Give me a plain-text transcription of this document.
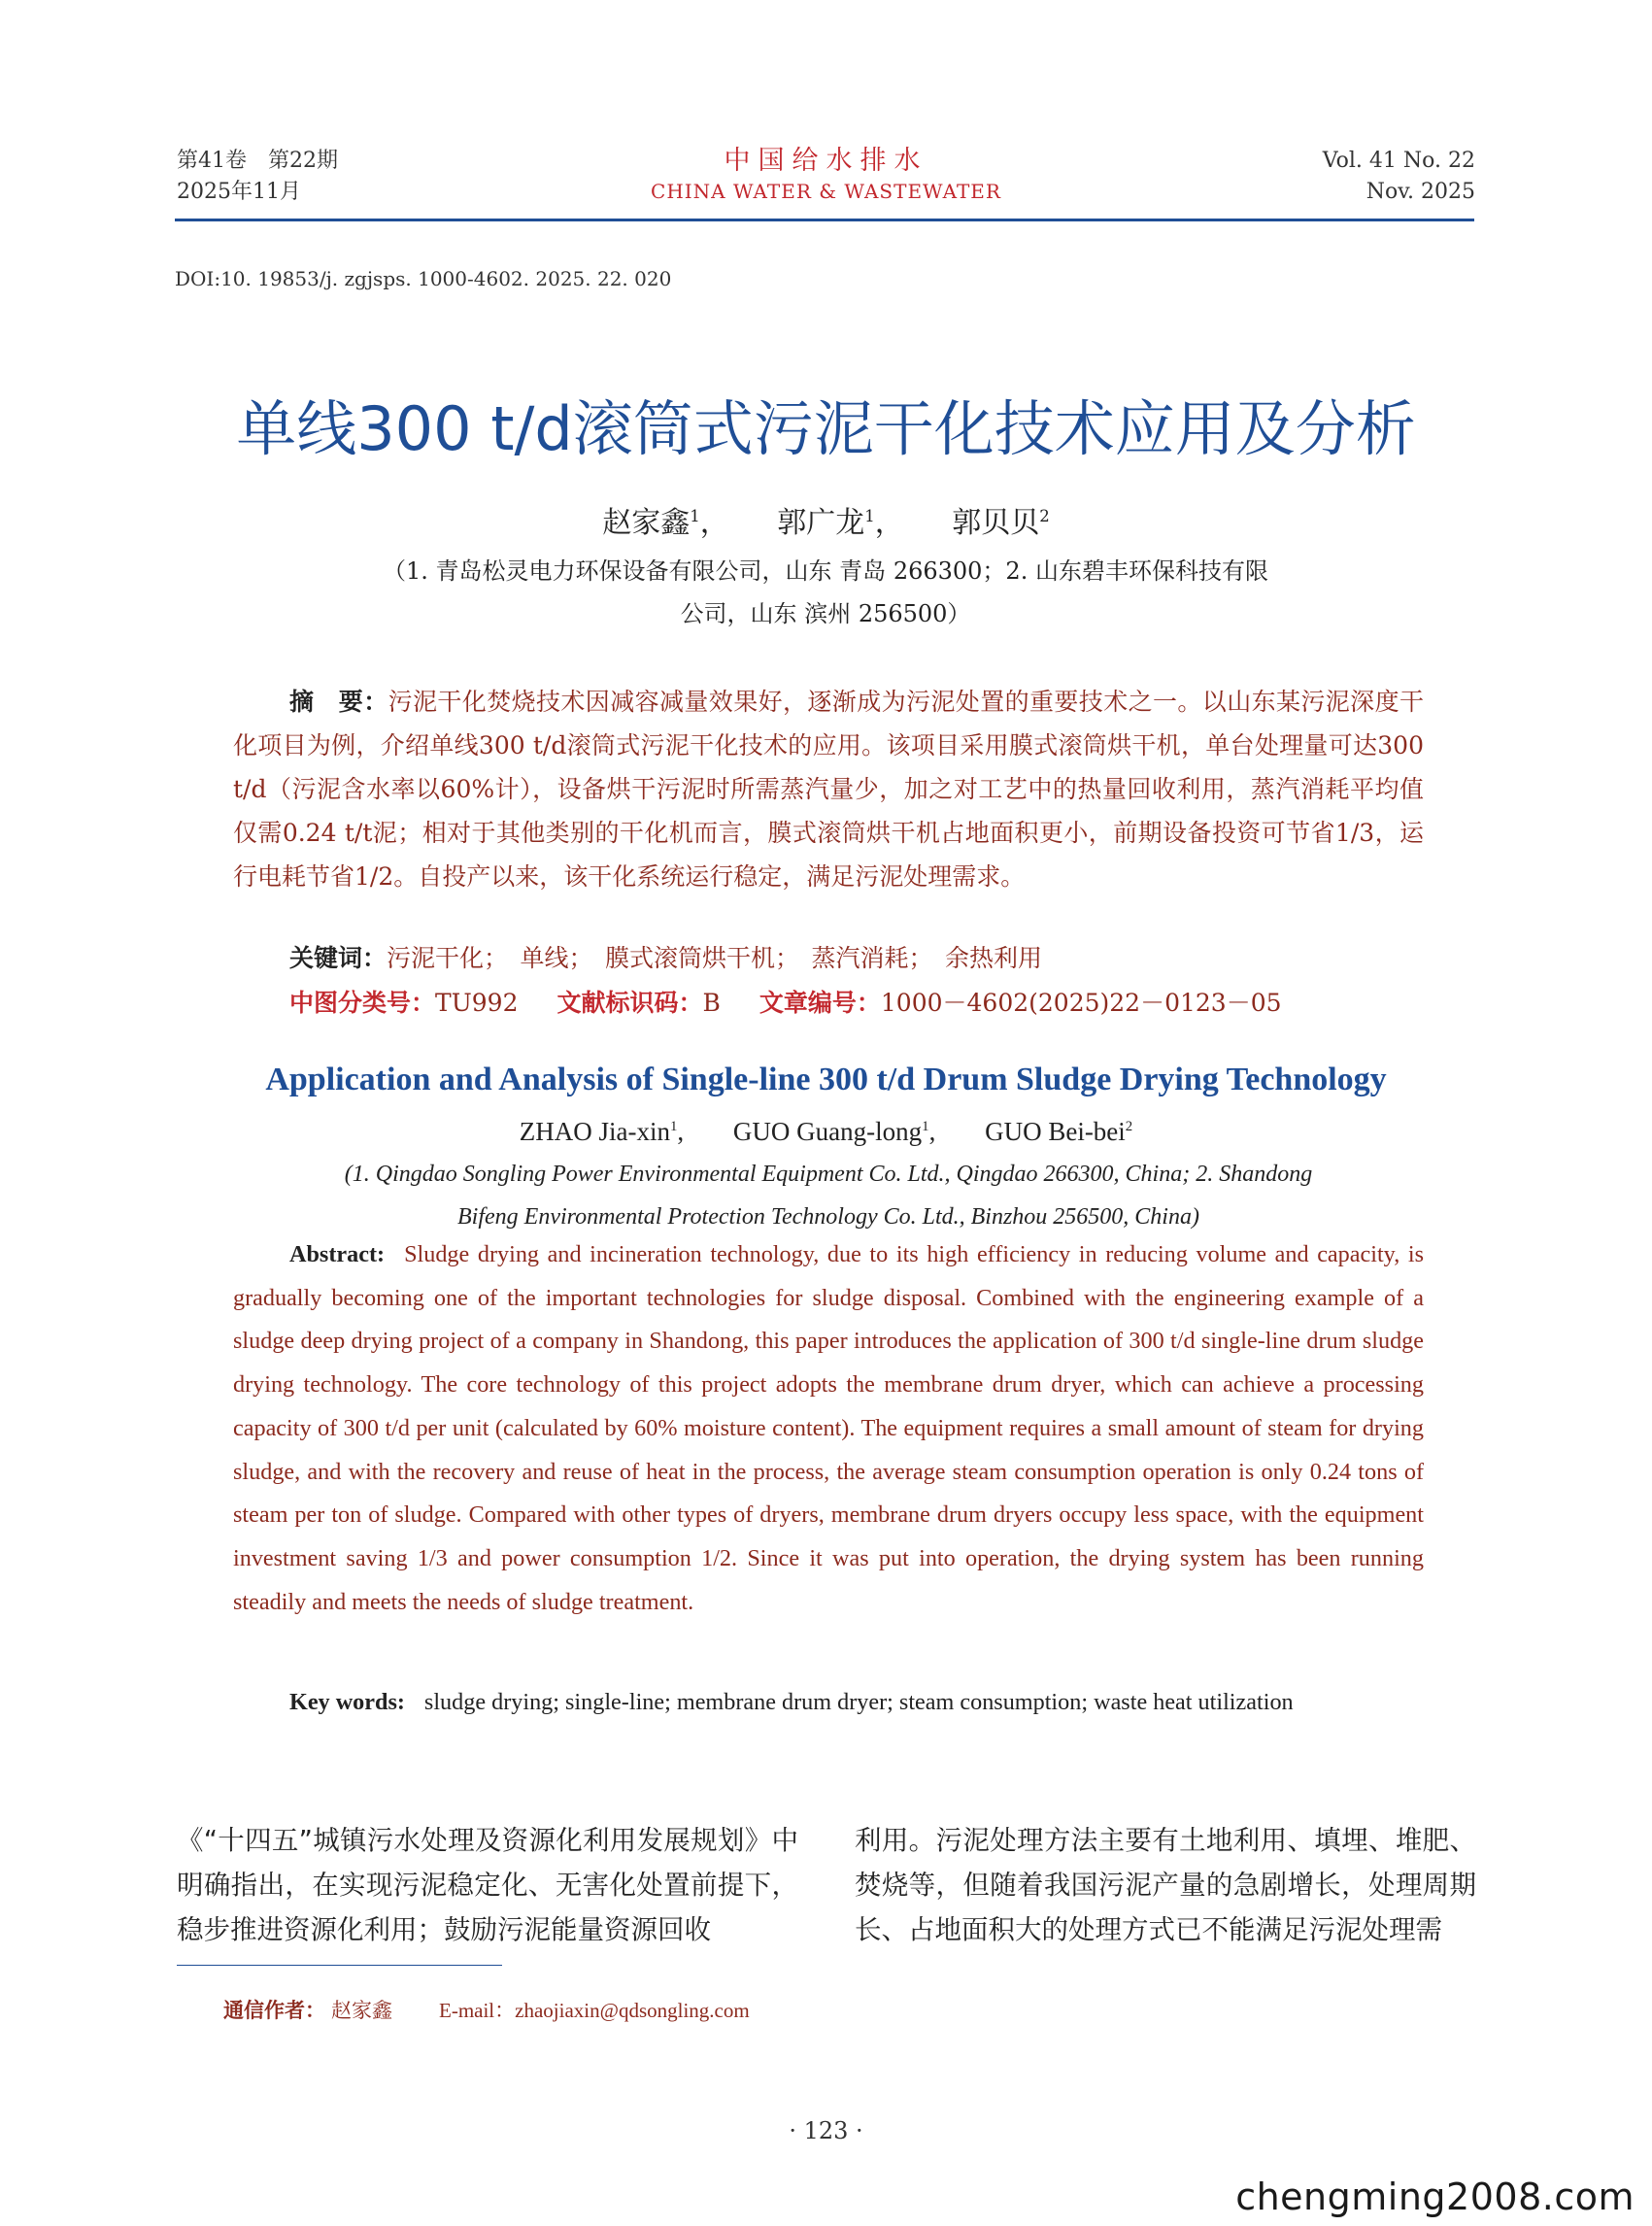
第41卷　第22期
2025年11月
中国给水排水
CHINA WATER & WASTEWATER
Vol. 41 No. 22
Nov. 2025
DOI:10. 19853/j. zgjsps. 1000-4602. 2025. 22. 020
单线300 t/d滚筒式污泥干化技术应用及分析
赵家鑫$^1$， 郭广龙$^1$， 郭贝贝$^2$
（1. 青岛松灵电力环保设备有限公司，山东 青岛 266300；2. 山东碧丰环保科技有限
公司，山东 滨州 256500）
摘　要：污泥干化焚烧技术因减容减量效果好，逐渐成为污泥处置的重要技术之一。以山东某污泥深度干化项目为例，介绍单线300 t/d滚筒式污泥干化技术的应用。该项目采用膜式滚筒烘干机，单台处理量可达300 t/d（污泥含水率以60%计），设备烘干污泥时所需蒸汽量少，加之对工艺中的热量回收利用，蒸汽消耗平均值仅需0.24 t/t泥；相对于其他类别的干化机而言，膜式滚筒烘干机占地面积更小，前期设备投资可节省1/3，运行电耗节省1/2。自投产以来，该干化系统运行稳定，满足污泥处理需求。
关键词：污泥干化；　单线；　膜式滚筒烘干机；　蒸汽消耗；　余热利用
中图分类号：TU992 文献标识码：B 文章编号：1000－4602(2025)22－0123－05
Application and Analysis of Single-line 300 t/d Drum Sludge Drying Technology
ZHAO Jia-xin$^1$, GUO Guang-long$^1$, GUO Bei-bei$^2$
(1. Qingdao Songling Power Environmental Equipment Co. Ltd., Qingdao 266300, China; 2. Shandong
Bifeng Environmental Protection Technology Co. Ltd., Binzhou 256500, China)
Abstract: Sludge drying and incineration technology, due to its high efficiency in reducing volume and capacity, is gradually becoming one of the important technologies for sludge disposal. Combined with the engineering example of a sludge deep drying project of a company in Shandong, this paper introduces the application of 300 t/d single-line drum sludge drying technology. The core technology of this project adopts the membrane drum dryer, which can achieve a processing capacity of 300 t/d per unit (calculated by 60% moisture content). The equipment requires a small amount of steam for drying sludge, and with the recovery and reuse of heat in the process, the average steam consumption operation is only 0.24 tons of steam per ton of sludge. Compared with other types of dryers, membrane drum dryers occupy less space, with the equipment investment saving 1/3 and power consumption 1/2. Since it was put into operation, the drying system has been running steadily and meets the needs of sludge treatment.
Key words: sludge drying; single-line; membrane drum dryer; steam consumption; waste heat utilization
《“十四五”城镇污水处理及资源化利用发展规划》中明确指出，在实现污泥稳定化、无害化处置前提下，稳步推进资源化利用；鼓励污泥能量资源回收
利用。污泥处理方法主要有土地利用、填埋、堆肥、焚烧等，但随着我国污泥产量的急剧增长，处理周期长、占地面积大的处理方式已不能满足污泥处理需
通信作者： 赵家鑫 E-mail：zhaojiaxin@qdsongling.com
· 123 ·
chengming2008.com
